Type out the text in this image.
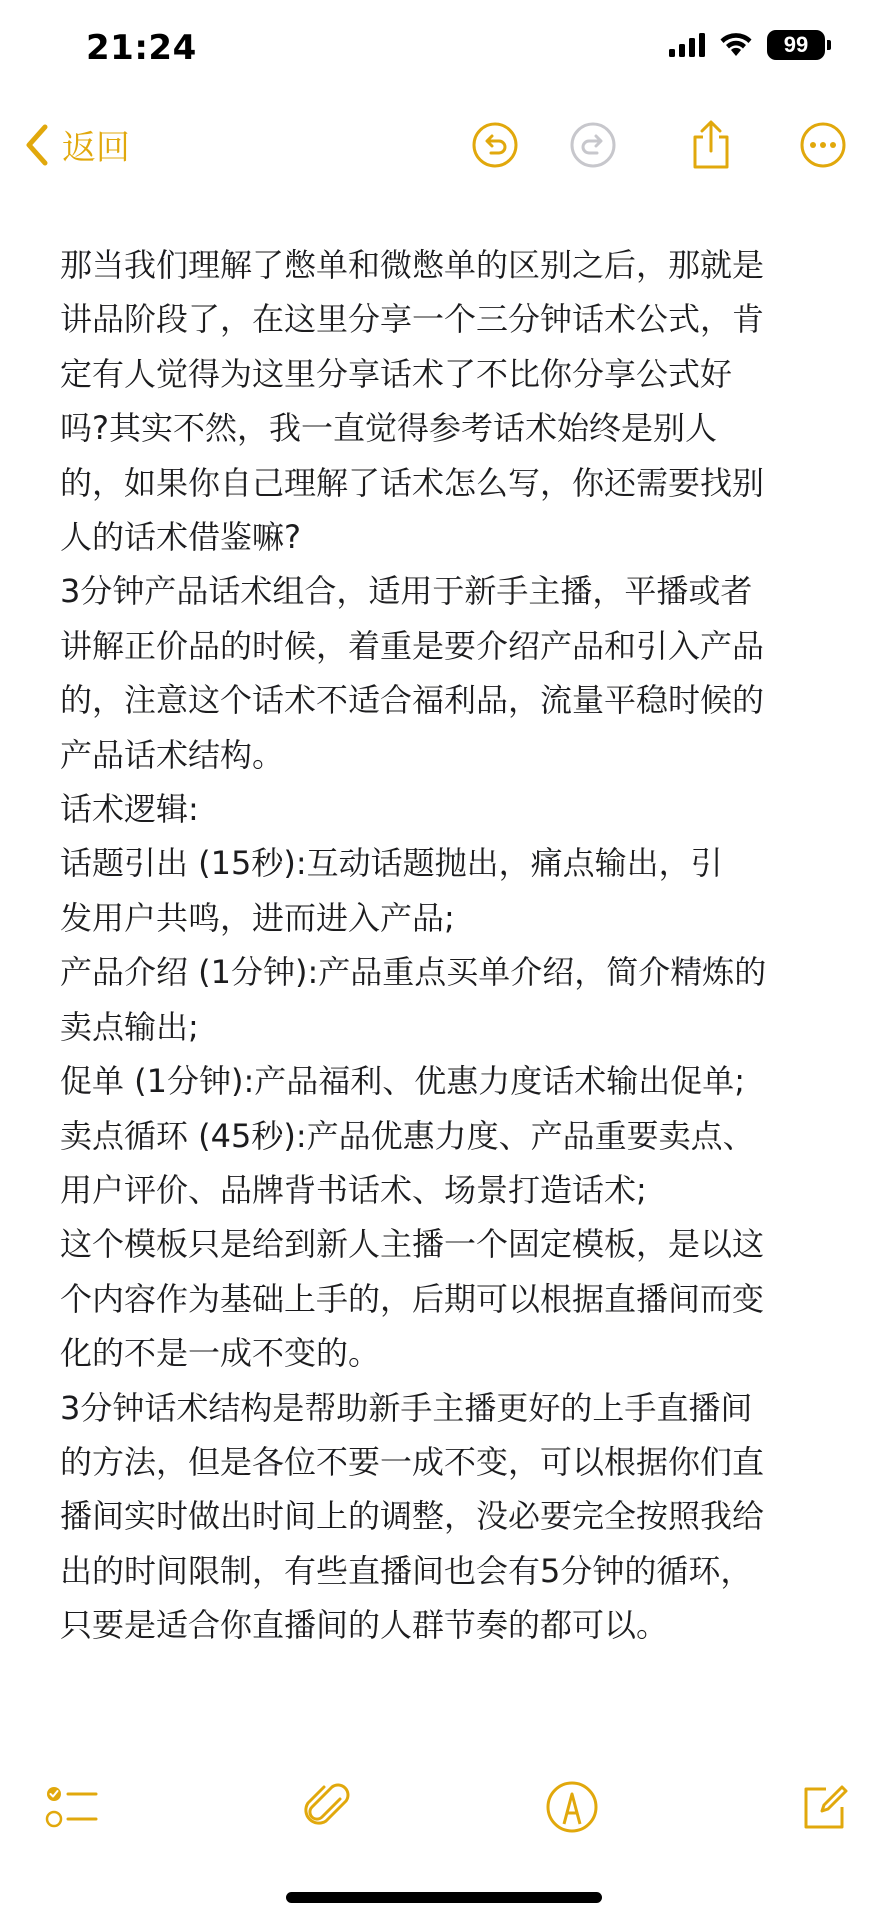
21:24	99
返回
那当我们理解了憋单和微憋单的区别之后，那就是
讲品阶段了，在这里分享一个三分钟话术公式，肯
定有人觉得为这里分享话术了不比你分享公式好
吗?其实不然，我一直觉得参考话术始终是别人
的，如果你自己理解了话术怎么写，你还需要找别
人的话术借鉴嘛?
3分钟产品话术组合，适用于新手主播，平播或者
讲解正价品的时候，着重是要介绍产品和引入产品
的，注意这个话术不适合福利品，流量平稳时候的
产品话术结构。
话术逻辑:
话题引出 (15秒):互动话题抛出，痛点输出，引
发用户共鸣，进而进入产品;
产品介绍 (1分钟):产品重点买单介绍，简介精炼的
卖点输出;
促单 (1分钟):产品福利、优惠力度话术输出促单;
卖点循环 (45秒):产品优惠力度、产品重要卖点、
用户评价、品牌背书话术、场景打造话术;
这个模板只是给到新人主播一个固定模板，是以这
个内容作为基础上手的，后期可以根据直播间而变
化的不是一成不变的。
3分钟话术结构是帮助新手主播更好的上手直播间
的方法，但是各位不要一成不变，可以根据你们直
播间实时做出时间上的调整，没必要完全按照我给
出的时间限制，有些直播间也会有5分钟的循环，
只要是适合你直播间的人群节奏的都可以。
